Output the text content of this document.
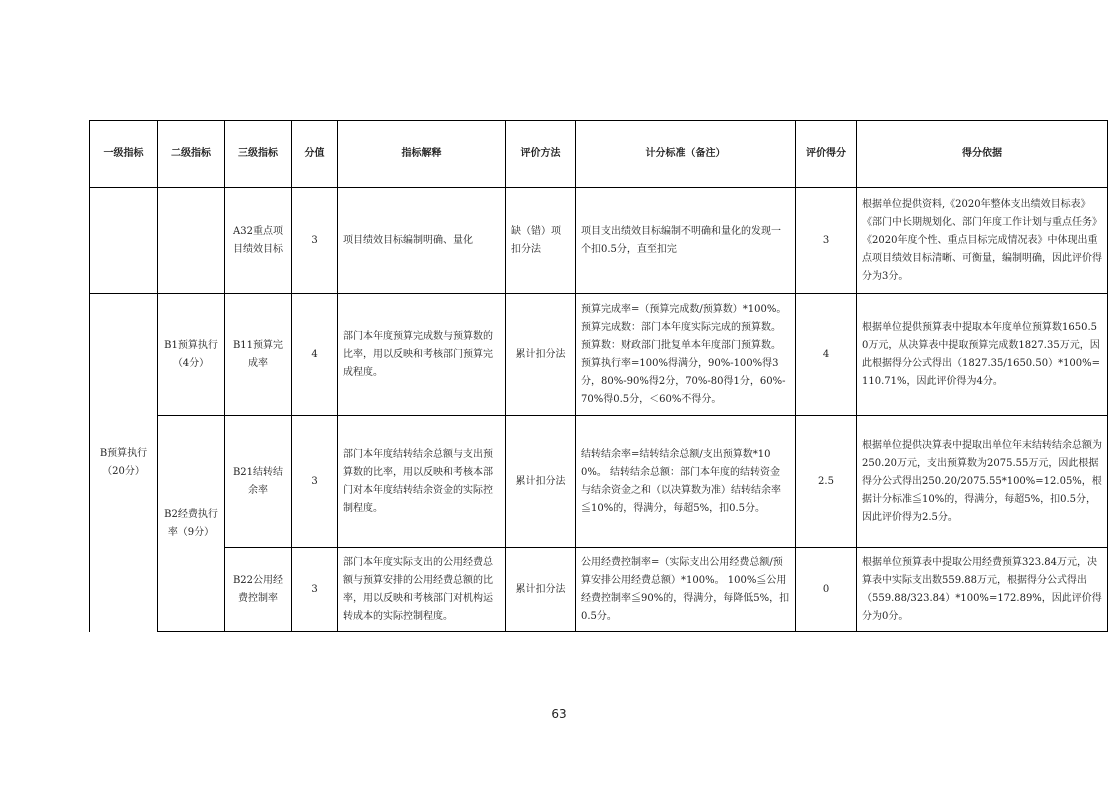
一级指标	二级指标	三级指标	分值	指标解释	评价方法	计分标准（备注）	评价得分	得分依据
		A32重点项目绩效目标	3	项目绩效目标编制明确、量化	缺（错）项扣分法	项目支出绩效目标编制不明确和量化的发现一个扣0.5分，直至扣完	3	根据单位提供资料,《2020年整体支出绩效目标表》《部门中长期规划化、部门年度工作计划与重点任务》《2020年度个性、重点目标完成情况表》中体现出重点项目绩效目标清晰、可衡量，编制明确，因此评价得分为3分。
B预算执行（20分）	B1预算执行（4分）	B11预算完成率	4	部门本年度预算完成数与预算数的比率，用以反映和考核部门预算完成程度。	累计扣分法	预算完成率=（预算完成数/预算数）*100%。预算完成数：部门本年度实际完成的预算数。预算数：财政部门批复单本年度部门预算数。预算执行率=100%得满分，90%-100%得3分，80%-90%得2分，70%-80得1分，60%-70%得0.5分，＜60%不得分。	4	根据单位提供预算表中提取本年度单位预算数1650.50万元，从决算表中提取预算完成数1827.35万元，因此根据得分公式得出（1827.35/1650.50）*100%=110.71%，因此评价得为4分。
	B2经费执行率（9分）	B21结转结余率	3	部门本年度结转结余总额与支出预算数的比率，用以反映和考核本部门对本年度结转结余资金的实际控制程度。	累计扣分法	结转结余率=结转结余总额/支出预算数*100%。 结转结余总额：部门本年度的结转资金与结余资金之和（以决算数为准）结转结余率≦10%的，得满分，每超5%，扣0.5分。	2.5	根据单位提供决算表中提取出单位年末结转结余总额为250.20万元，支出预算数为2075.55万元，因此根据得分公式得出250.20/2075.55*100%=12.05%，根据计分标准≦10%的，得满分，每超5%，扣0.5分，因此评价得为2.5分。
		B22公用经费控制率	3	部门本年度实际支出的公用经费总额与预算安排的公用经费总额的比率，用以反映和考核部门对机构运转成本的实际控制程度。	累计扣分法	公用经费控制率=（实际支出公用经费总额/预算安排公用经费总额）*100%。 100%≦公用经费控制率≦90%的，得满分，每降低5%，扣0.5分。	0	根据单位预算表中提取公用经费预算323.84万元，决算表中实际支出数559.88万元，根据得分公式得出（559.88/323.84）*100%=172.89%，因此评价得分为0分。
63
